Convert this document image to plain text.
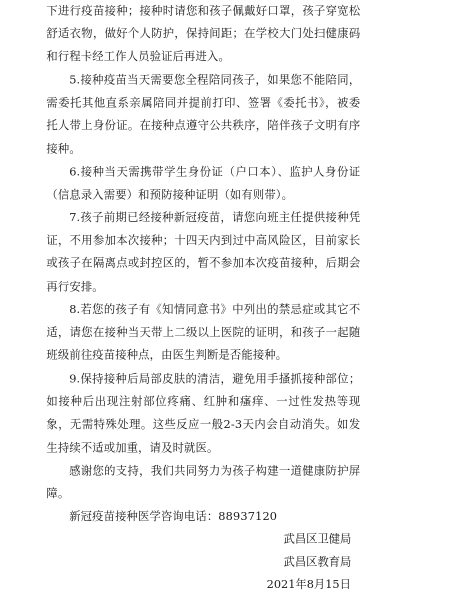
下进行疫苗接种；接种时请您和孩子佩戴好口罩，孩子穿宽松舒适衣物，做好个人防护，保持间距；在学校大门处扫健康码和行程卡经工作人员验证后再进入。
5.接种疫苗当天需要您全程陪同孩子，如果您不能陪同，需委托其他直系亲属陪同并提前打印、签署《委托书》，被委托人带上身份证。在接种点遵守公共秩序，陪伴孩子文明有序接种。
6.接种当天需携带学生身份证（户口本）、监护人身份证（信息录入需要）和预防接种证明（如有则带）。
7.孩子前期已经接种新冠疫苗，请您向班主任提供接种凭证，不用参加本次接种；十四天内到过中高风险区，目前家长或孩子在隔离点或封控区的，暂不参加本次疫苗接种，后期会再行安排。
8.若您的孩子有《知情同意书》中列出的禁忌症或其它不适，请您在接种当天带上二级以上医院的证明，和孩子一起随班级前往疫苗接种点，由医生判断是否能接种。
9.保持接种后局部皮肤的清洁，避免用手搔抓接种部位；如接种后出现注射部位疼痛、红肿和瘙痒、一过性发热等现象，无需特殊处理。这些反应一般2-3天内会自动消失。如发生持续不适或加重，请及时就医。
感谢您的支持，我们共同努力为孩子构建一道健康防护屏障。
新冠疫苗接种医学咨询电话：88937120
武昌区卫健局
武昌区教育局
2021年8月15日
